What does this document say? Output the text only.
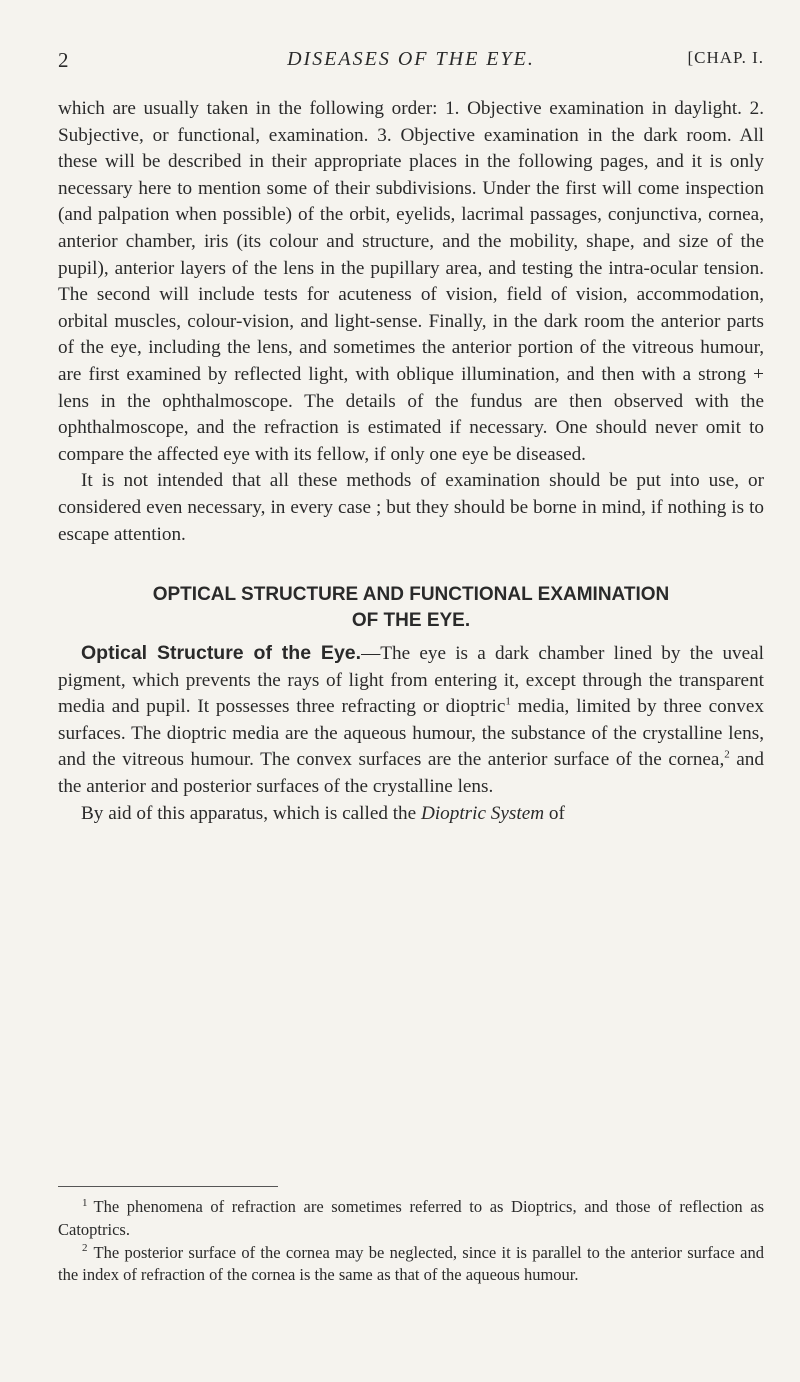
2	DISEASES OF THE EYE.	[CHAP. I.

which are usually taken in the following order: 1. Objective examination in daylight. 2. Subjective, or functional, examination. 3. Objective examination in the dark room. All these will be described in their appropriate places in the following pages, and it is only necessary here to mention some of their subdivisions. Under the first will come inspection (and palpation when possible) of the orbit, eyelids, lacrimal passages, conjunctiva, cornea, anterior chamber, iris (its colour and structure, and the mobility, shape, and size of the pupil), anterior layers of the lens in the pupillary area, and testing the intra-ocular tension. The second will include tests for acuteness of vision, field of vision, accommodation, orbital muscles, colour-vision, and light-sense. Finally, in the dark room the anterior parts of the eye, including the lens, and sometimes the anterior portion of the vitreous humour, are first examined by reflected light, with oblique illumination, and then with a strong + lens in the ophthalmoscope. The details of the fundus are then observed with the ophthalmoscope, and the refraction is estimated if necessary. One should never omit to compare the affected eye with its fellow, if only one eye be diseased.

It is not intended that all these methods of examination should be put into use, or considered even necessary, in every case ; but they should be borne in mind, if nothing is to escape attention.

OPTICAL STRUCTURE AND FUNCTIONAL EXAMINATION
OF THE EYE.

Optical Structure of the Eye.—The eye is a dark chamber lined by the uveal pigment, which prevents the rays of light from entering it, except through the transparent media and pupil. It possesses three refracting or dioptric$^1$ media, limited by three convex surfaces. The dioptric media are the aqueous humour, the substance of the crystalline lens, and the vitreous humour. The convex surfaces are the anterior surface of the cornea,$^2$ and the anterior and posterior surfaces of the crystalline lens.

By aid of this apparatus, which is called the Dioptric System of

$^1$ The phenomena of refraction are sometimes referred to as Dioptrics, and those of reflection as Catoptrics.

$^2$ The posterior surface of the cornea may be neglected, since it is parallel to the anterior surface and the index of refraction of the cornea is the same as that of the aqueous humour.
